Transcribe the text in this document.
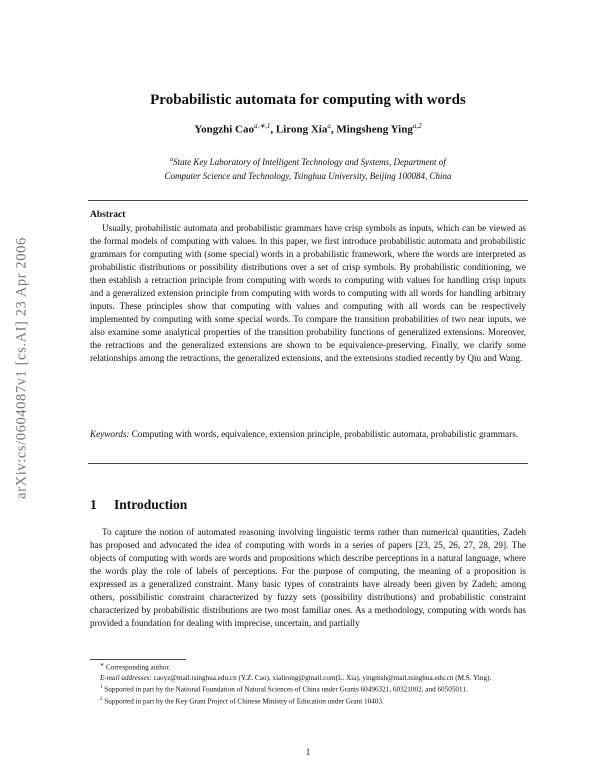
arXiv:cs/0604087v1 [cs.AI] 23 Apr 2006
Probabilistic automata for computing with words
Yongzhi Cao$^{a,∗,1}$, Lirong Xia$^a$, Mingsheng Ying$^{a,2}$
$^a$State Key Laboratory of Intelligent Technology and Systems, Department of
Computer Science and Technology, Tsinghua University, Beijing 100084, China
Abstract
Usually, probabilistic automata and probabilistic grammars have crisp symbols as inputs, which can be viewed as the formal models of computing with values. In this paper, we first introduce probabilistic automata and probabilistic grammars for computing with (some special) words in a probabilistic framework, where the words are interpreted as probabilistic distributions or possibility distributions over a set of crisp symbols. By probabilistic conditioning, we then establish a retraction principle from computing with words to computing with values for handling crisp inputs and a generalized extension principle from computing with words to computing with all words for handling arbitrary inputs. These principles show that computing with values and computing with all words can be respectively implemented by computing with some special words. To compare the transition probabilities of two near inputs, we also examine some analytical properties of the transition probability functions of generalized extensions. Moreover, the retractions and the generalized extensions are shown to be equivalence-preserving. Finally, we clarify some relationships among the retractions, the generalized extensions, and the extensions studied recently by Qiu and Wang.
Keywords: Computing with words, equivalence, extension principle, probabilistic automata, probabilistic grammars.
1 Introduction
To capture the notion of automated reasoning involving linguistic terms rather than numerical quantities, Zadeh has proposed and advocated the idea of computing with words in a series of papers [23, 25, 26, 27, 28, 29]. The objects of computing with words are words and propositions which describe perceptions in a natural language, where the words play the role of labels of perceptions. For the purpose of computing, the meaning of a proposition is expressed as a generalized constraint. Many basic types of constraints have already been given by Zadeh; among others, possibilistic constraint characterized by fuzzy sets (possibility distributions) and probabilistic constraint characterized by probabilistic distributions are two most familiar ones. As a methodology, computing with words has provided a foundation for dealing with imprecise, uncertain, and partially

∗ Corresponding author.

E-mail addresses: caoyz@mail.tsinghua.edu.cn (Y.Z. Cao), xialirong@gmail.com(L. Xia), yingmsh@mail.tsinghua.edu.cn (M.S. Ying).

$^1$ Supported in part by the National Foundation of Natural Sciences of China under Grants 60496321, 60321002, and 60505011.

$^2$ Supported in part by the Key Grant Project of Chinese Ministry of Education under Grant 10403.

1
